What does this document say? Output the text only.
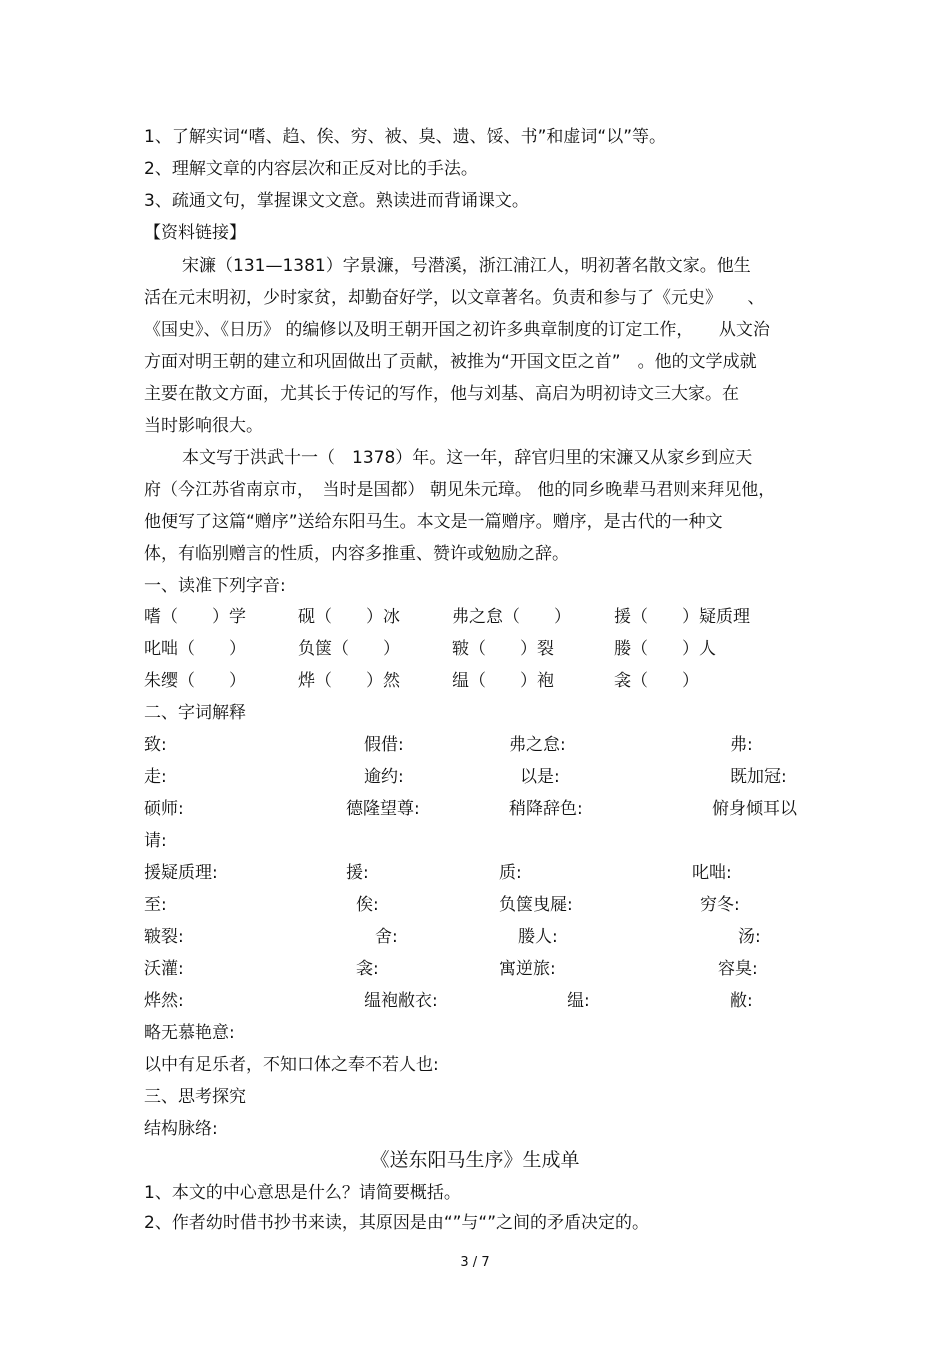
1、了解实词“嗜、趋、俟、穷、被、臭、遗、馁、书”和虚词“以”等。

2、理解文章的内容层次和正反对比的手法。

3、疏通文句，掌握课文文意。熟读进而背诵课文。

【资料链接】

宋濂（131—1381）字景濂，号潜溪，浙江浦江人，明初著名散文家。他生

活在元末明初，少时家贫，却勤奋好学，以文章著名。负责和参与了《元史》　　、

《国史》、《日历》 的编修以及明王朝开国之初许多典章制度的订定工作，　　从文治

方面对明王朝的建立和巩固做出了贡献，被推为“开国文臣之首”　。他的文学成就

主要在散文方面，尤其长于传记的写作，他与刘基、高启为明初诗文三大家。在

当时影响很大。

本文写于洪武十一（　1378）年。这一年，辞官归里的宋濂又从家乡到应天

府（今江苏省南京市，　当时是国都） 朝见朱元璋。 他的同乡晚辈马君则来拜见他，

他便写了这篇“赠序”送给东阳马生。本文是一篇赠序。赠序，是古代的一种文

体，有临别赠言的性质，内容多推重、赞许或勉励之辞。

一、读准下列字音:

嗜（　　）学	砚（　　）冰	弗之怠（　　）	援（　　）疑质理
叱咄（　　）	负箧（　　）	皲（　　）裂	媵（　　）人
朱缨（　　）	烨（　　）然	缊（　　）袍	衾（　　）

二、字词解释

致:	假借:	弗之怠:	弗:
走:	逾约:	以是:	既加冠:
硕师:	德隆望尊:	稍降辞色:	俯身倾耳以
请:
援疑质理:	援:	质:	叱咄:
至:	俟:	负箧曳屣:	穷冬:
皲裂:	舍:	媵人:	汤:
沃灌:	衾:	寓逆旅:	容臭:
烨然:	缊袍敝衣:	缊:	敝:
略无慕艳意:
以中有足乐者，不知口体之奉不若人也:

三、思考探究

结构脉络:

《送东阳马生序》生成单

1、本文的中心意思是什么？请简要概括。

2、作者幼时借书抄书来读，其原因是由“”与“”之间的矛盾决定的。

3 / 7
